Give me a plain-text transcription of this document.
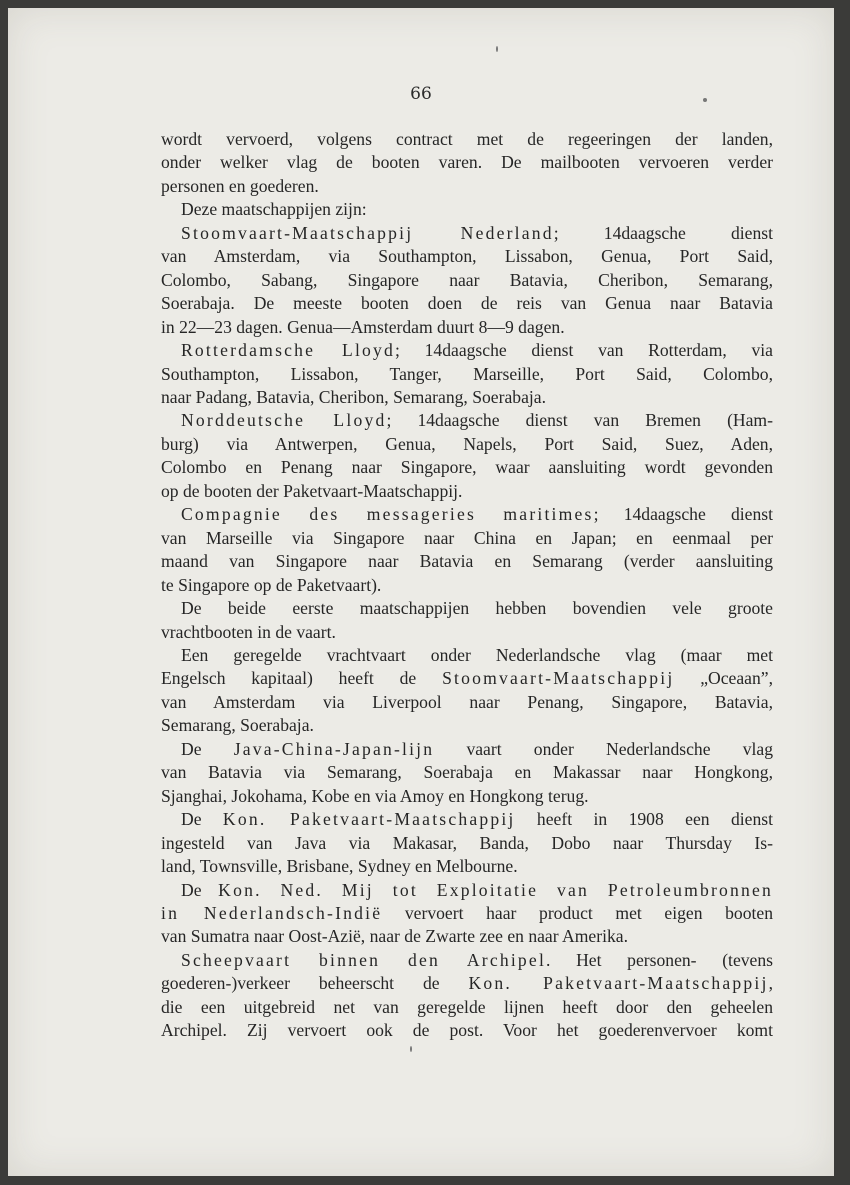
66
wordt vervoerd, volgens contract met de regeeringen der landen,
onder welker vlag de booten varen. De mailbooten vervoeren verder
personen en goederen.
Deze maatschappijen zijn:
Stoomvaart-Maatschappij Nederland; 14daagsche dienst
van Amsterdam, via Southampton, Lissabon, Genua, Port Said,
Colombo, Sabang, Singapore naar Batavia, Cheribon, Semarang,
Soerabaja. De meeste booten doen de reis van Genua naar Batavia
in 22—23 dagen. Genua—Amsterdam duurt 8—9 dagen.
Rotterdamsche Lloyd; 14daagsche dienst van Rotterdam, via
Southampton, Lissabon, Tanger, Marseille, Port Said, Colombo,
naar Padang, Batavia, Cheribon, Semarang, Soerabaja.
Norddeutsche Lloyd; 14daagsche dienst van Bremen (Ham-
burg) via Antwerpen, Genua, Napels, Port Said, Suez, Aden,
Colombo en Penang naar Singapore, waar aansluiting wordt gevonden
op de booten der Paketvaart-Maatschappij.
Compagnie des messageries maritimes; 14daagsche dienst
van Marseille via Singapore naar China en Japan; en eenmaal per
maand van Singapore naar Batavia en Semarang (verder aansluiting
te Singapore op de Paketvaart).
De beide eerste maatschappijen hebben bovendien vele groote
vrachtbooten in de vaart.
Een geregelde vrachtvaart onder Nederlandsche vlag (maar met
Engelsch kapitaal) heeft de Stoomvaart-Maatschappij „Oceaan”,
van Amsterdam via Liverpool naar Penang, Singapore, Batavia,
Semarang, Soerabaja.
De Java-China-Japan-lijn vaart onder Nederlandsche vlag
van Batavia via Semarang, Soerabaja en Makassar naar Hongkong,
Sjanghai, Jokohama, Kobe en via Amoy en Hongkong terug.
De Kon. Paketvaart-Maatschappij heeft in 1908 een dienst
ingesteld van Java via Makasar, Banda, Dobo naar Thursday Is-
land, Townsville, Brisbane, Sydney en Melbourne.
De Kon. Ned. Mij tot Exploitatie van Petroleumbronnen
in Nederlandsch-Indië vervoert haar product met eigen booten
van Sumatra naar Oost-Azië, naar de Zwarte zee en naar Amerika.
Scheepvaart binnen den Archipel. Het personen- (tevens
goederen-)verkeer beheerscht de Kon. Paketvaart-Maatschappij,
die een uitgebreid net van geregelde lijnen heeft door den geheelen
Archipel. Zij vervoert ook de post. Voor het goederenvervoer komt
